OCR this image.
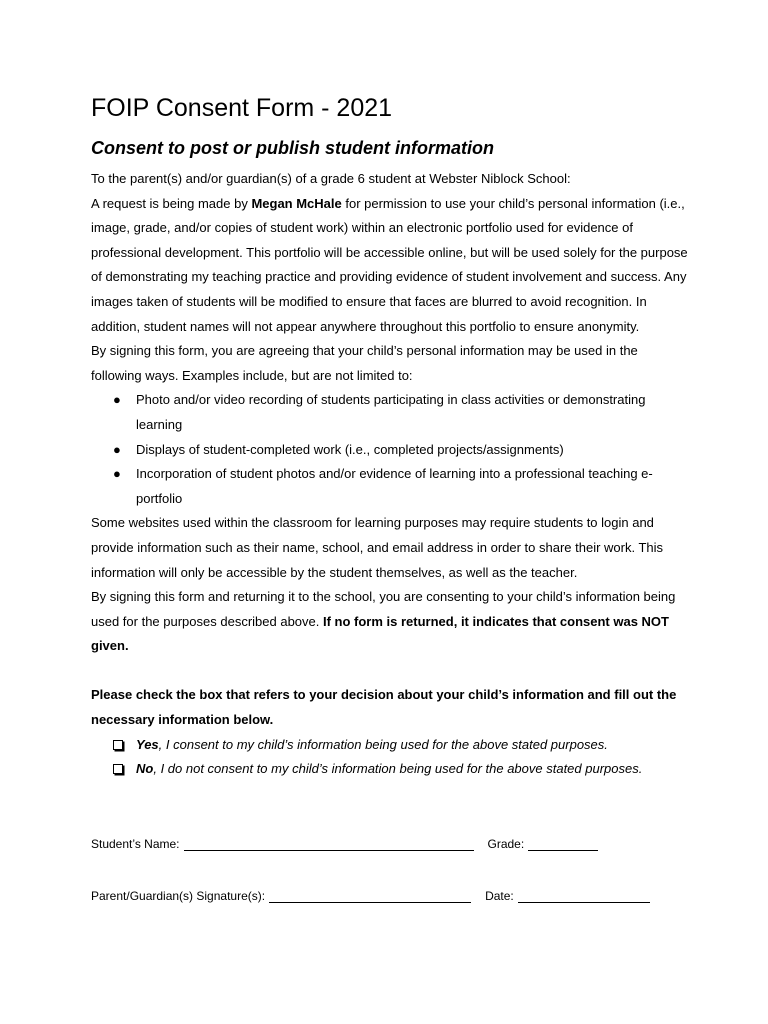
FOIP Consent Form - 2021
Consent to post or publish student information

To the parent(s) and/or guardian(s) of a grade 6 student at Webster Niblock School:

A request is being made by Megan McHale for permission to use your child’s personal information (i.e., image, grade, and/or copies of student work) within an electronic portfolio used for evidence of professional development. This portfolio will be accessible online, but will be used solely for the purpose of demonstrating my teaching practice and providing evidence of student involvement and success. Any images taken of students will be modified to ensure that faces are blurred to avoid recognition. In addition, student names will not appear anywhere throughout this portfolio to ensure anonymity.

By signing this form, you are agreeing that your child’s personal information may be used in the following ways. Examples include, but are not limited to:

● Photo and/or video recording of students participating in class activities or demonstrating learning
● Displays of student-completed work (i.e., completed projects/assignments)
● Incorporation of student photos and/or evidence of learning into a professional teaching e-portfolio

Some websites used within the classroom for learning purposes may require students to login and provide information such as their name, school, and email address in order to share their work. This information will only be accessible by the student themselves, as well as the teacher.

By signing this form and returning it to the school, you are consenting to your child’s information being used for the purposes described above. If no form is returned, it indicates that consent was NOT given.

Please check the box that refers to your decision about your child’s information and fill out the necessary information below.

Yes, I consent to my child’s information being used for the above stated purposes.
No, I do not consent to my child’s information being used for the above stated purposes.
Student’s Name:	Grade:
Parent/Guardian(s) Signature(s):	Date:
